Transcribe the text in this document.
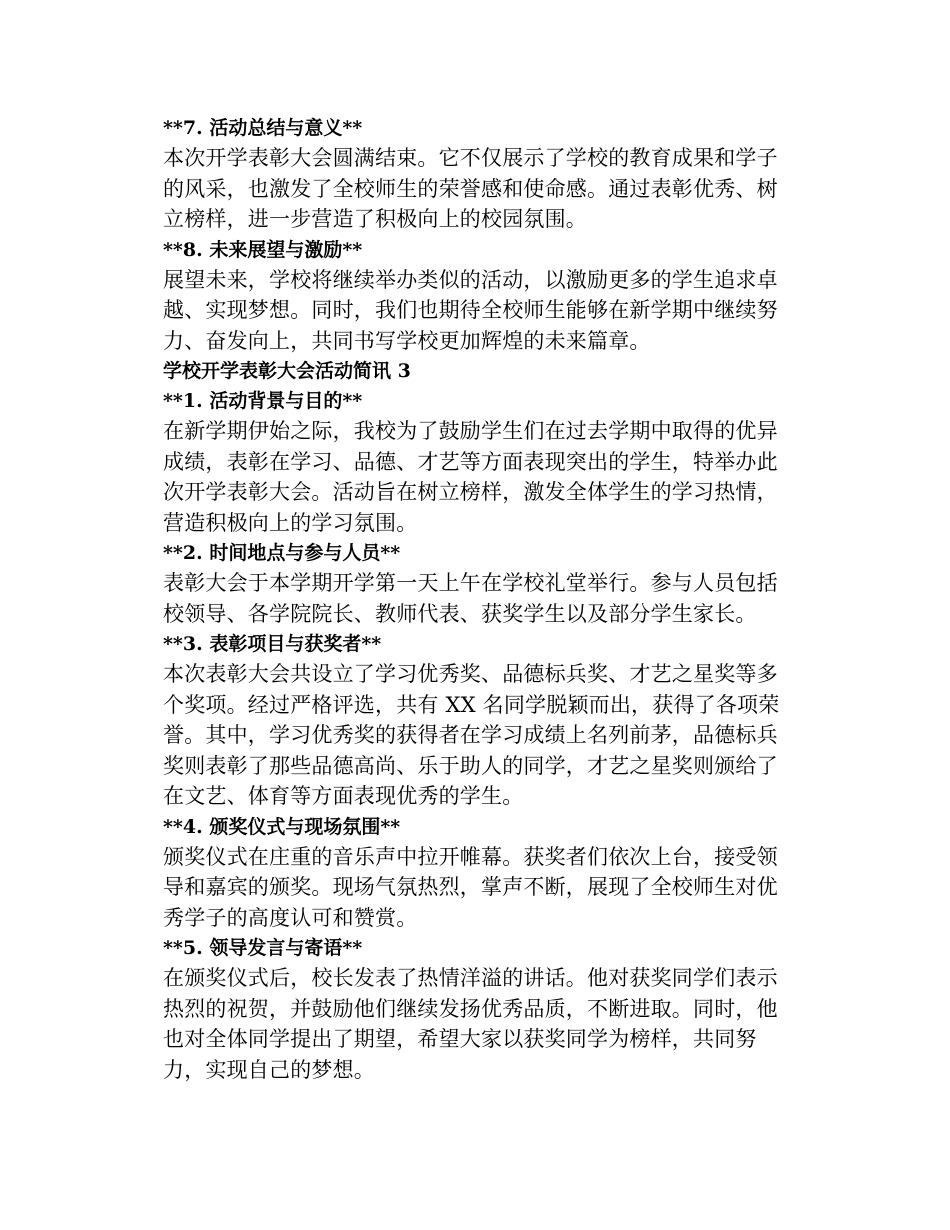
**7. 活动总结与意义**

本次开学表彰大会圆满结束。它不仅展示了学校的教育成果和学子的风采，也激发了全校师生的荣誉感和使命感。通过表彰优秀、树立榜样，进一步营造了积极向上的校园氛围。

**8. 未来展望与激励**

展望未来，学校将继续举办类似的活动，以激励更多的学生追求卓越、实现梦想。同时，我们也期待全校师生能够在新学期中继续努力、奋发向上，共同书写学校更加辉煌的未来篇章。

学校开学表彰大会活动简讯 3

**1. 活动背景与目的**

在新学期伊始之际，我校为了鼓励学生们在过去学期中取得的优异成绩，表彰在学习、品德、才艺等方面表现突出的学生，特举办此次开学表彰大会。活动旨在树立榜样，激发全体学生的学习热情，营造积极向上的学习氛围。

**2. 时间地点与参与人员**

表彰大会于本学期开学第一天上午在学校礼堂举行。参与人员包括校领导、各学院院长、教师代表、获奖学生以及部分学生家长。

**3. 表彰项目与获奖者**

本次表彰大会共设立了学习优秀奖、品德标兵奖、才艺之星奖等多个奖项。经过严格评选，共有 XX 名同学脱颖而出，获得了各项荣誉。其中，学习优秀奖的获得者在学习成绩上名列前茅，品德标兵奖则表彰了那些品德高尚、乐于助人的同学，才艺之星奖则颁给了在文艺、体育等方面表现优秀的学生。

**4. 颁奖仪式与现场氛围**

颁奖仪式在庄重的音乐声中拉开帷幕。获奖者们依次上台，接受领导和嘉宾的颁奖。现场气氛热烈，掌声不断，展现了全校师生对优秀学子的高度认可和赞赏。

**5. 领导发言与寄语**

在颁奖仪式后，校长发表了热情洋溢的讲话。他对获奖同学们表示热烈的祝贺，并鼓励他们继续发扬优秀品质，不断进取。同时，他也对全体同学提出了期望，希望大家以获奖同学为榜样，共同努力，实现自己的梦想。
